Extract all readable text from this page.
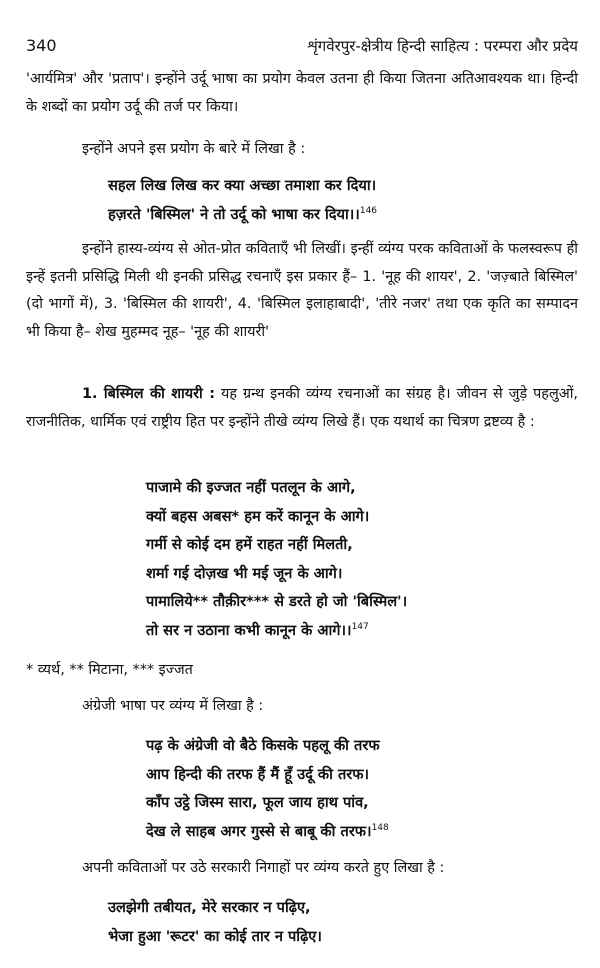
340	शृंगवेरपुर-क्षेत्रीय हिन्दी साहित्य : परम्परा और प्रदेय
'आर्यमित्र' और 'प्रताप'। इन्होंने उर्दू भाषा का प्रयोग केवल उतना ही किया जितना अतिआवश्यक था। हिन्दी के शब्दों का प्रयोग उर्दू की तर्ज पर किया।
इन्होंने अपने इस प्रयोग के बारे में लिखा है :
सहल लिख लिख कर क्या अच्छा तमाशा कर दिया।
हज़रते 'बिस्मिल' ने तो उर्दू को भाषा कर दिया।।$^{146}$
इन्होंने हास्य-व्यंग्य से ओत-प्रोत कविताएँ भी लिखीं। इन्हीं व्यंग्य परक कविताओं के फलस्वरूप ही इन्हें इतनी प्रसिद्धि मिली थी इनकी प्रसिद्ध रचनाएँ इस प्रकार हैं– 1. 'नूह की शायर', 2. 'जज़्बाते बिस्मिल' (दो भागों में), 3. 'बिस्मिल की शायरी', 4. 'बिस्मिल इलाहाबादी', 'तीरे नजर' तथा एक कृति का सम्पादन भी किया है– शेख मुहम्मद नूह– 'नूह की शायरी'
1. बिस्मिल की शायरी : यह ग्रन्थ इनकी व्यंग्य रचनाओं का संग्रह है। जीवन से जुड़े पहलुओं, राजनीतिक, धार्मिक एवं राष्ट्रीय हित पर इन्होंने तीखे व्यंग्य लिखे हैं। एक यथार्थ का चित्रण द्रष्टव्य है :
पाजामे की इज्जत नहीं पतलून के आगे,
क्यों बहस अबस* हम करें कानून के आगे।
गर्मी से कोई दम हमें राहत नहीं मिलती,
शर्मा गई दोज़ख भी मई जून के आगे।
पामालिये** तौक़ीर*** से डरते हो जो 'बिस्मिल'।
तो सर न उठाना कभी कानून के आगे।।$^{147}$
* व्यर्थ, ** मिटाना, *** इज्जत
अंग्रेजी भाषा पर व्यंग्य में लिखा है :
पढ़ के अंग्रेजी वो बैठे किसके पहलू की तरफ
आप हिन्दी की तरफ हैं मैं हूँ उर्दू की तरफ।
काँप उट्ठे जिस्म सारा, फूल जाय हाथ पांव,
देख ले साहब अगर गुस्से से बाबू की तरफ।$^{148}$
अपनी कविताओं पर उठे सरकारी निगाहों पर व्यंग्य करते हुए लिखा है :
उलझेगी तबीयत, मेरे सरकार न पढ़िए,
भेजा हुआ 'रूटर' का कोई तार न पढ़िए।
